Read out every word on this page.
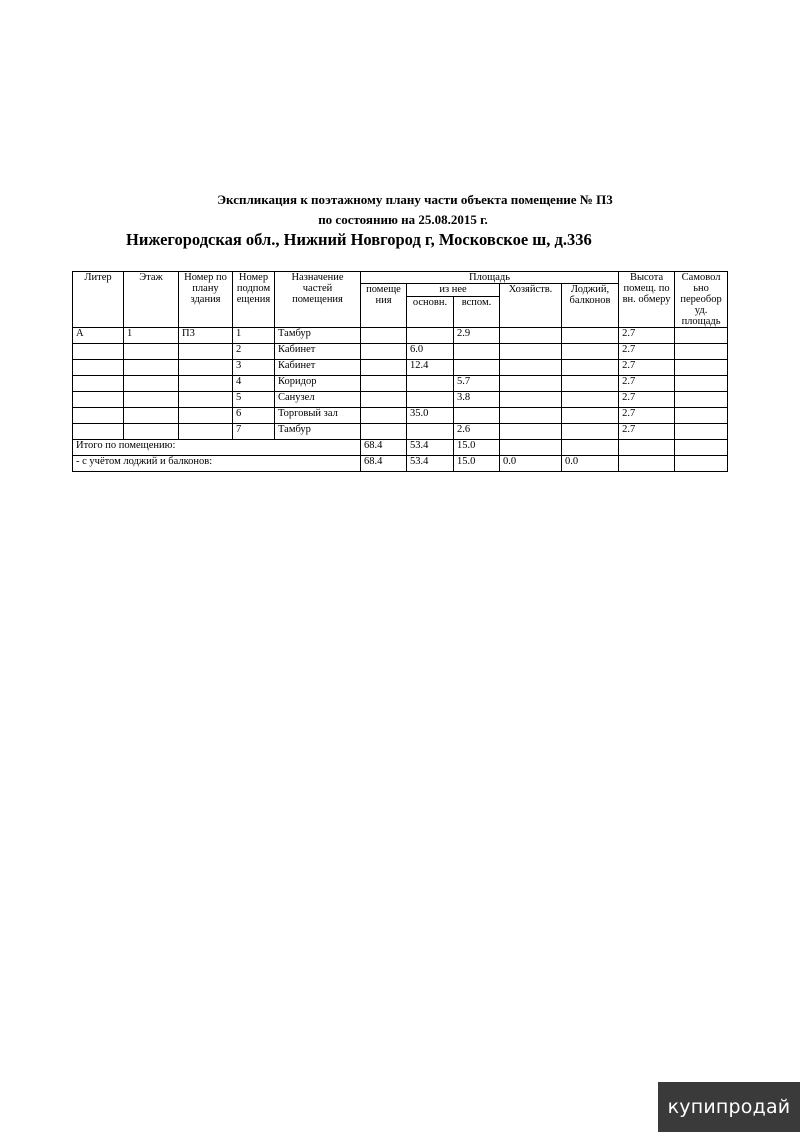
Экспликация к поэтажному плану части объекта помещение № П3
по состоянию на 25.08.2015 г.
Нижегородская обл., Нижний Новгород г, Московское ш, д.336
Литер	Этаж	Номер по плану здания	Номер подпом ещения	Назначение частей помещения	Площадь					Высота помещ. по вн. обмеру	Самовол ьно переобор уд. площадь
					помеще ния	из нее		Хозяйств.	Лоджий, балконов		
						основн.	вспом.				
А	1	П3	1	Тамбур			2.9			2.7	
			2	Кабинет		6.0				2.7	
			3	Кабинет		12.4				2.7	
			4	Коридор			5.7			2.7	
			5	Санузел			3.8			2.7	
			6	Торговый зал		35.0				2.7	
			7	Тамбур			2.6			2.7	
Итого по помещению:					68.4	53.4	15.0				
- с учётом лоджий и балконов:					68.4	53.4	15.0	0.0	0.0		
купипродай
